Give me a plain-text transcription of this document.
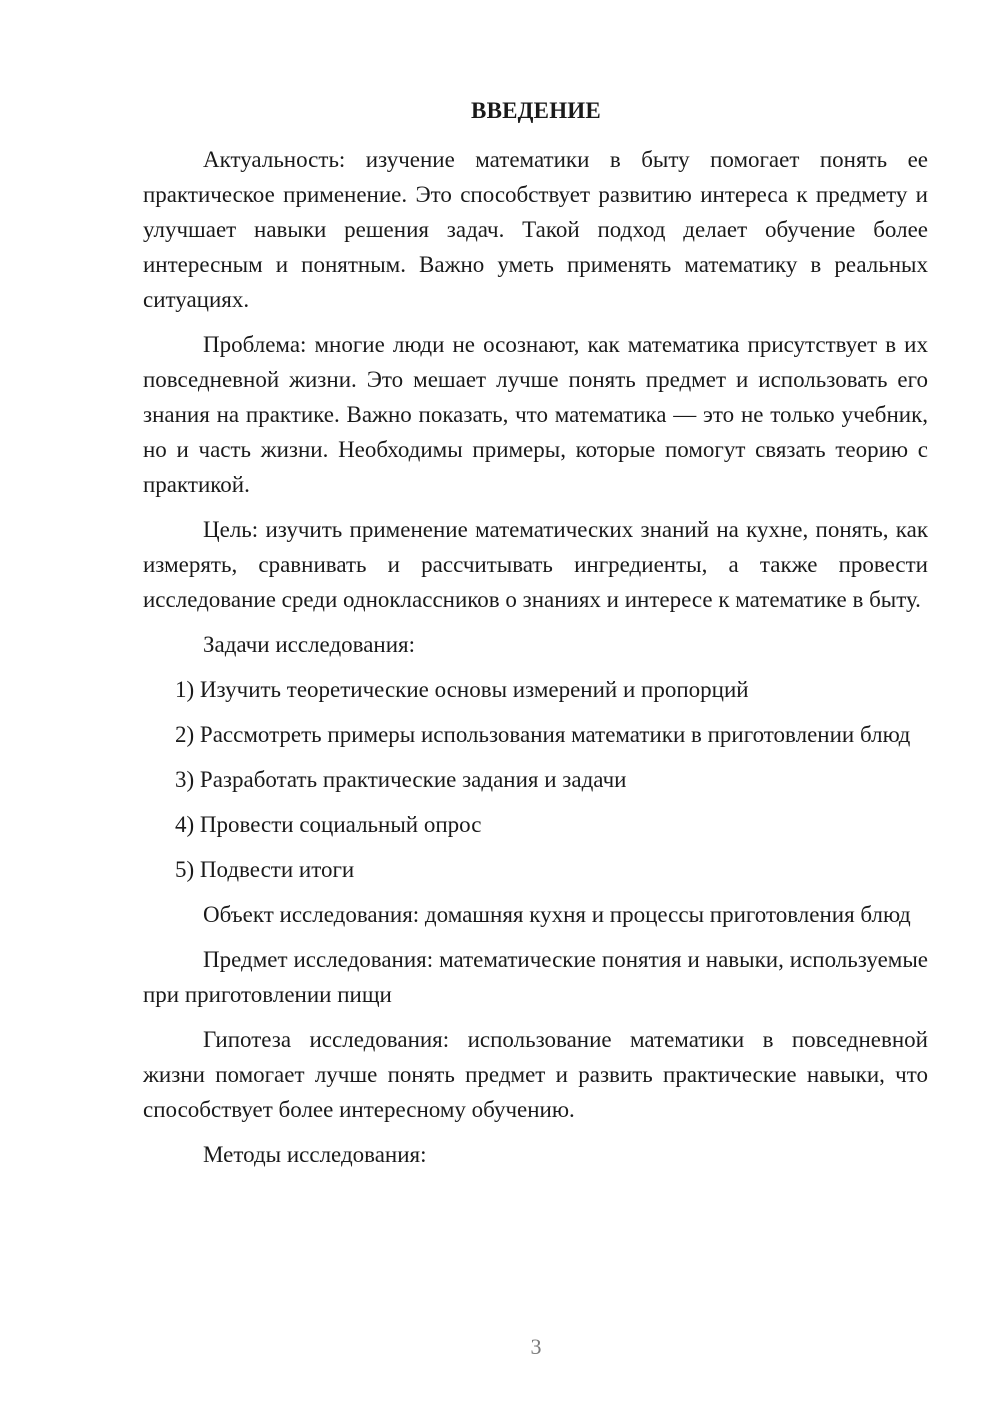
ВВЕДЕНИЕ

Актуальность: изучение математики в быту помогает понять ее практическое применение. Это способствует развитию интереса к предмету и улучшает навыки решения задач. Такой подход делает обучение более интересным и понятным. Важно уметь применять математику в реальных ситуациях.

Проблема: многие люди не осознают, как математика присутствует в их повседневной жизни. Это мешает лучше понять предмет и использовать его знания на практике. Важно показать, что математика — это не только учебник, но и часть жизни. Необходимы примеры, которые помогут связать теорию с практикой.

Цель: изучить применение математических знаний на кухне, понять, как измерять, сравнивать и рассчитывать ингредиенты, а также провести исследование среди одноклассников о знаниях и интересе к математике в быту.

Задачи исследования:

1) Изучить теоретические основы измерений и пропорций

2) Рассмотреть примеры использования математики в приготовлении блюд

3) Разработать практические задания и задачи

4) Провести социальный опрос

5) Подвести итоги

Объект исследования: домашняя кухня и процессы приготовления блюд

Предмет исследования: математические понятия и навыки, используемые при приготовлении пищи

Гипотеза исследования: использование математики в повседневной жизни помогает лучше понять предмет и развить практические навыки, что способствует более интересному обучению.

Методы исследования:

3
